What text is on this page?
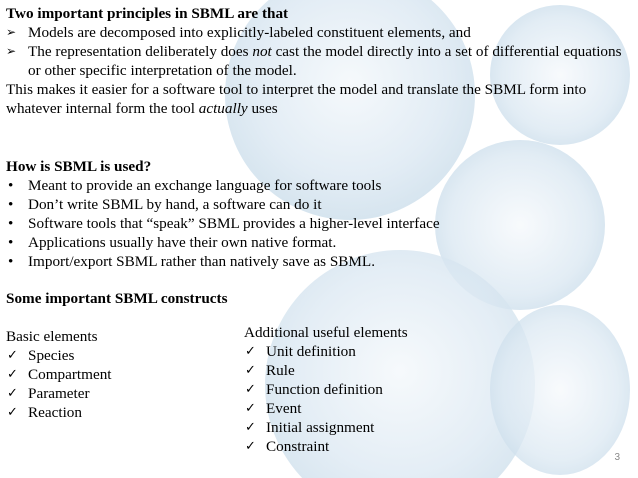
Two important principles in SBML are that
➢ Models are decomposed into explicitly-labeled constituent elements, and
➢ The representation deliberately does not cast the model directly into a set of differential equations or other specific interpretation of the model.
This makes it easier for a software tool to interpret the model and translate the SBML form into whatever internal form the tool actually uses
How is SBML is used?
• Meant to provide an exchange language for software tools
• Don’t write SBML by hand, a software can do it
• Software tools that “speak” SBML provides a higher-level interface
• Applications usually have their own native format.
• Import/export SBML rather than natively save as SBML.
Some important SBML constructs
Basic elements
✓ Species
✓ Compartment
✓ Parameter
✓ Reaction
Additional useful elements
✓ Unit definition
✓ Rule
✓ Function definition
✓ Event
✓ Initial assignment
✓ Constraint
3
